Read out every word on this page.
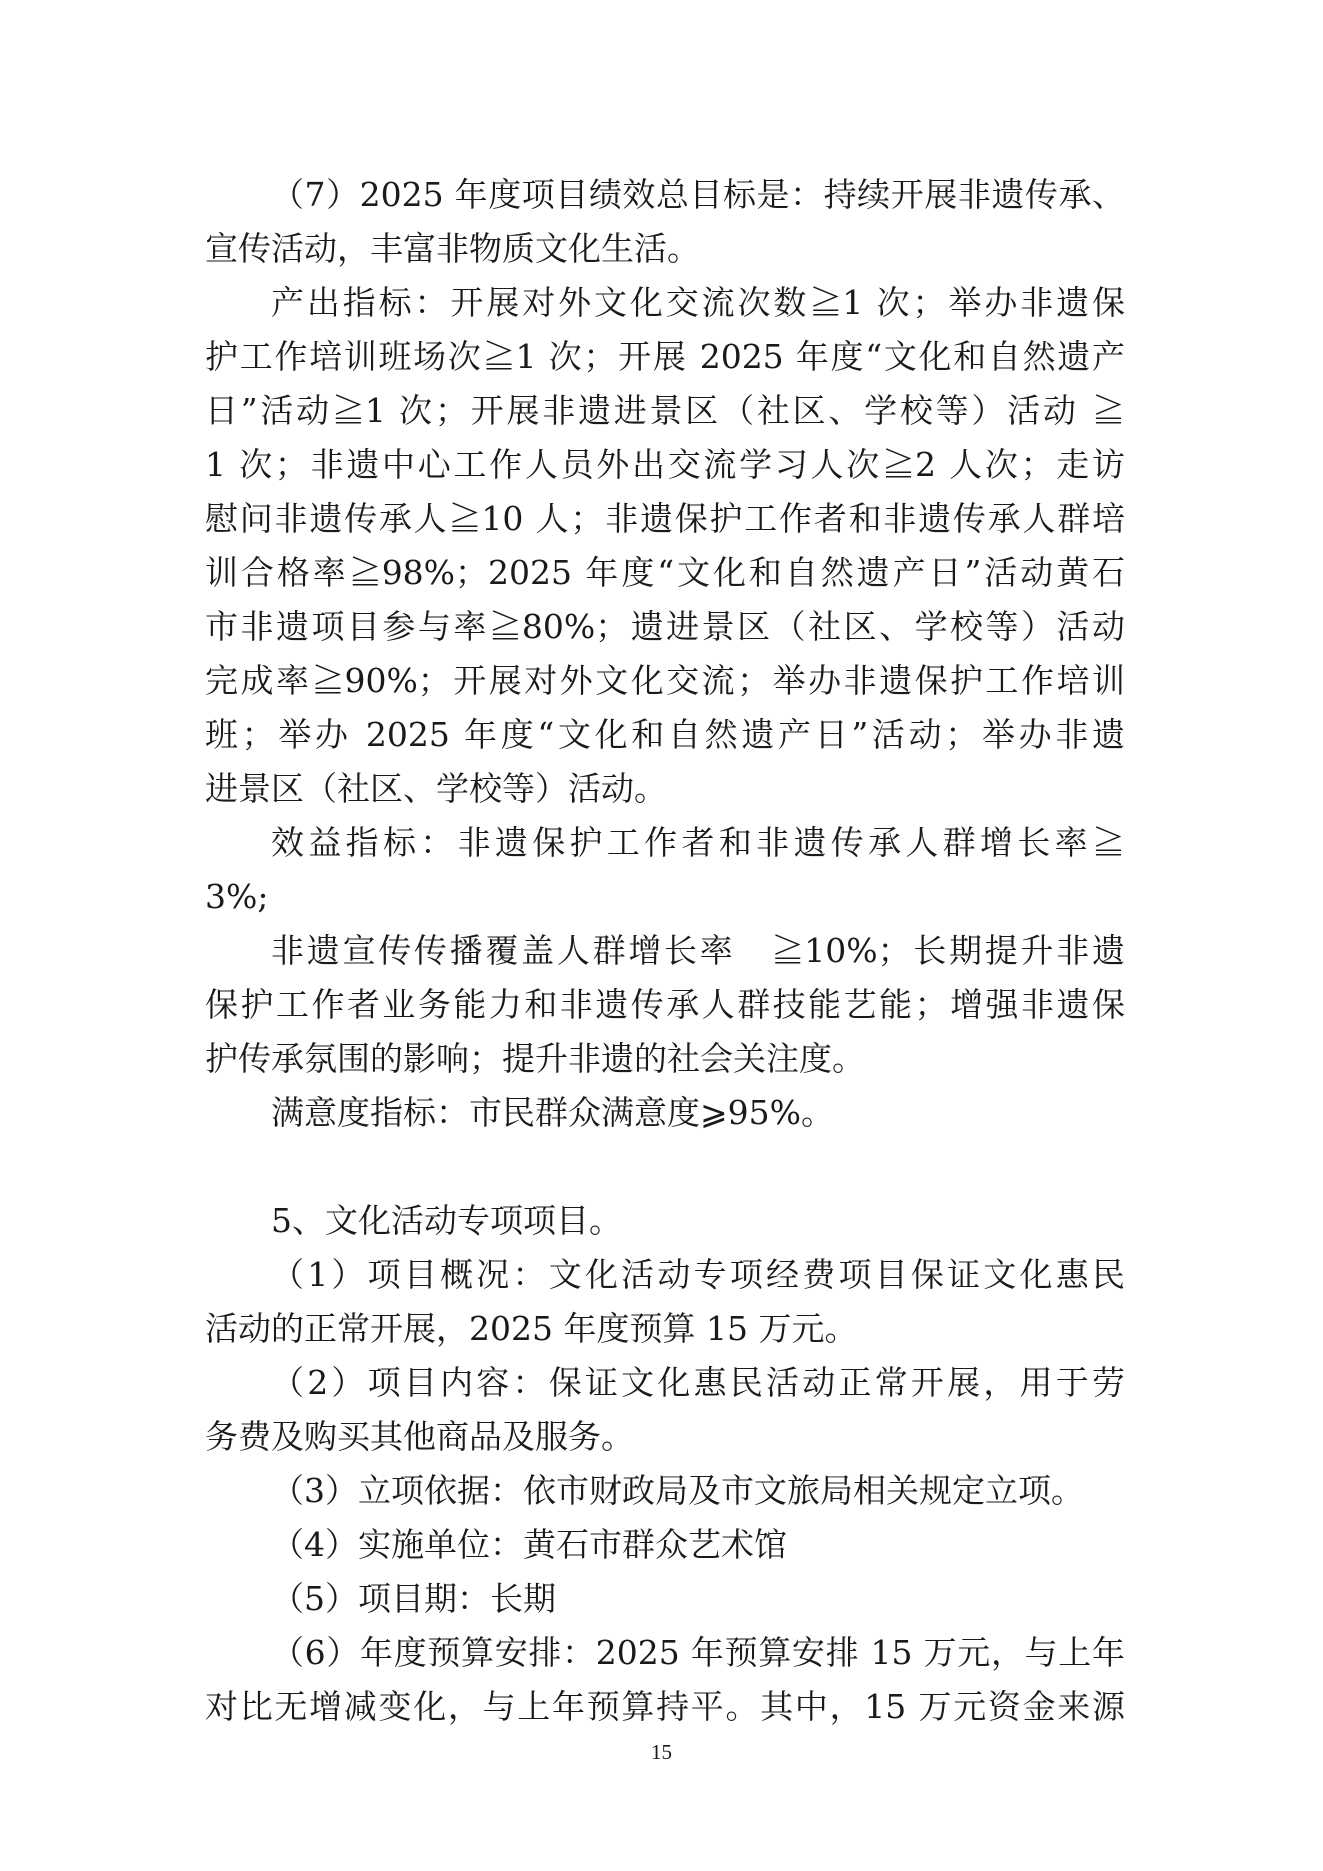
（7）2025 年度项目绩效总目标是：持续开展非遗传承、
宣传活动，丰富非物质文化生活。
产出指标：开展对外文化交流次数≧1 次；举办非遗保
护工作培训班场次≧1 次；开展 2025 年度“文化和自然遗产
日”活动≧1 次；开展非遗进景区（社区、学校等）活动 ≧
1 次；非遗中心工作人员外出交流学习人次≧2 人次；走访
慰问非遗传承人≧10 人；非遗保护工作者和非遗传承人群培
训合格率≧98%；2025 年度“文化和自然遗产日”活动黄石
市非遗项目参与率≧80%；遗进景区（社区、学校等）活动
完成率≧90%；开展对外文化交流；举办非遗保护工作培训
班；举办 2025 年度“文化和自然遗产日”活动；举办非遗
进景区（社区、学校等）活动。
效益指标：非遗保护工作者和非遗传承人群增长率≧
3%;
非遗宣传传播覆盖人群增长率　≧10%；长期提升非遗
保护工作者业务能力和非遗传承人群技能艺能；增强非遗保
护传承氛围的影响；提升非遗的社会关注度。
满意度指标：市民群众满意度⩾95%。
5、文化活动专项项目。
（1）项目概况：文化活动专项经费项目保证文化惠民
活动的正常开展，2025 年度预算 15 万元。
（2）项目内容：保证文化惠民活动正常开展，用于劳
务费及购买其他商品及服务。
（3）立项依据：依市财政局及市文旅局相关规定立项。
（4）实施单位：黄石市群众艺术馆
（5）项目期：长期
（6）年度预算安排：2025 年预算安排 15 万元，与上年
对比无增减变化，与上年预算持平。其中，15 万元资金来源
15
